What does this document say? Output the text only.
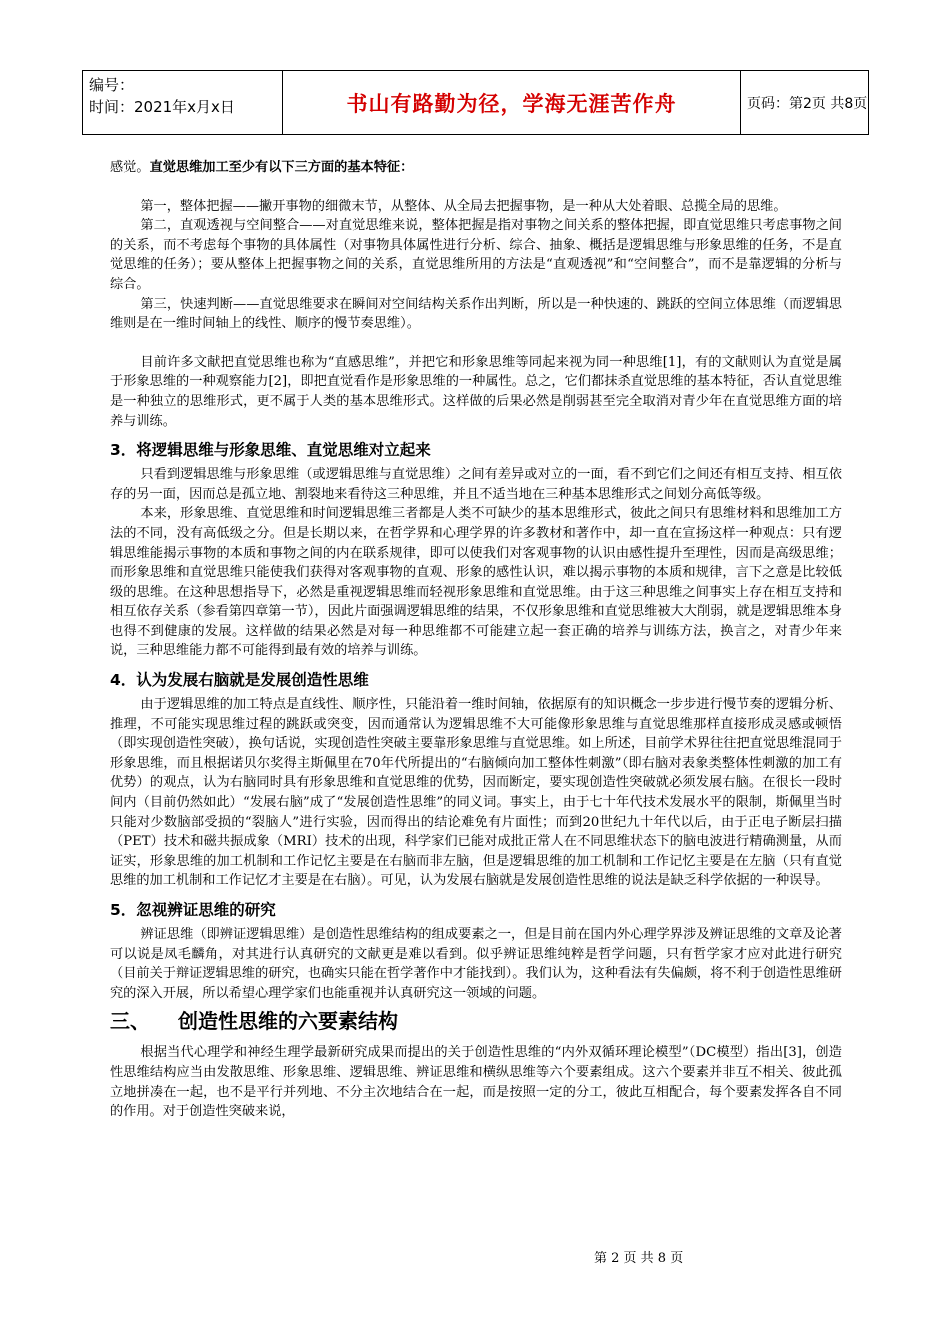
编号：
时间：2021年x月x日	书山有路勤为径，学海无涯苦作舟	页码：第2页 共8页

感觉。直觉思维加工至少有以下三方面的基本特征：

第一，整体把握——撇开事物的细微末节，从整体、从全局去把握事物，是一种从大处着眼、总揽全局的思维。

第二，直观透视与空间整合——对直觉思维来说，整体把握是指对事物之间关系的整体把握，即直觉思维只考虑事物之间的关系，而不考虑每个事物的具体属性（对事物具体属性进行分析、综合、抽象、概括是逻辑思维与形象思维的任务，不是直觉思维的任务）；要从整体上把握事物之间的关系，直觉思维所用的方法是“直观透视”和“空间整合”，而不是靠逻辑的分析与综合。

第三，快速判断——直觉思维要求在瞬间对空间结构关系作出判断，所以是一种快速的、跳跃的空间立体思维（而逻辑思维则是在一维时间轴上的线性、顺序的慢节奏思维）。

目前许多文献把直觉思维也称为“直感思维”，并把它和形象思维等同起来视为同一种思维[1]，有的文献则认为直觉是属于形象思维的一种观察能力[2]，即把直觉看作是形象思维的一种属性。总之，它们都抹杀直觉思维的基本特征，否认直觉思维是一种独立的思维形式，更不属于人类的基本思维形式。这样做的后果必然是削弱甚至完全取消对青少年在直觉思维方面的培养与训练。

3．将逻辑思维与形象思维、直觉思维对立起来

只看到逻辑思维与形象思维（或逻辑思维与直觉思维）之间有差异或对立的一面，看不到它们之间还有相互支持、相互依存的另一面，因而总是孤立地、割裂地来看待这三种思维，并且不适当地在三种基本思维形式之间划分高低等级。

本来，形象思维、直觉思维和时间逻辑思维三者都是人类不可缺少的基本思维形式，彼此之间只有思维材料和思维加工方法的不同，没有高低级之分。但是长期以来，在哲学界和心理学界的许多教材和著作中，却一直在宣扬这样一种观点：只有逻辑思维能揭示事物的本质和事物之间的内在联系规律，即可以使我们对客观事物的认识由感性提升至理性，因而是高级思维；而形象思维和直觉思维只能使我们获得对客观事物的直观、形象的感性认识，难以揭示事物的本质和规律，言下之意是比较低级的思维。在这种思想指导下，必然是重视逻辑思维而轻视形象思维和直觉思维。由于这三种思维之间事实上存在相互支持和相互依存关系（参看第四章第一节），因此片面强调逻辑思维的结果，不仅形象思维和直觉思维被大大削弱，就是逻辑思维本身也得不到健康的发展。这样做的结果必然是对每一种思维都不可能建立起一套正确的培养与训练方法，换言之，对青少年来说，三种思维能力都不可能得到最有效的培养与训练。

4．认为发展右脑就是发展创造性思维

由于逻辑思维的加工特点是直线性、顺序性，只能沿着一维时间轴，依据原有的知识概念一步步进行慢节奏的逻辑分析、推理，不可能实现思维过程的跳跃或突变，因而通常认为逻辑思维不大可能像形象思维与直觉思维那样直接形成灵感或顿悟（即实现创造性突破），换句话说，实现创造性突破主要靠形象思维与直觉思维。如上所述，目前学术界往往把直觉思维混同于形象思维，而且根据诺贝尔奖得主斯佩里在70年代所提出的“右脑倾向加工整体性刺激”（即右脑对表象类整体性刺激的加工有优势）的观点，认为右脑同时具有形象思维和直觉思维的优势，因而断定，要实现创造性突破就必须发展右脑。在很长一段时间内（目前仍然如此）“发展右脑”成了“发展创造性思维”的同义词。事实上，由于七十年代技术发展水平的限制，斯佩里当时只能对少数脑部受损的“裂脑人”进行实验，因而得出的结论难免有片面性；而到20世纪九十年代以后，由于正电子断层扫描（PET）技术和磁共振成象（MRI）技术的出现，科学家们已能对成批正常人在不同思维状态下的脑电波进行精确测量，从而证实，形象思维的加工机制和工作记忆主要是在右脑而非左脑，但是逻辑思维的加工机制和工作记忆主要是在左脑（只有直觉思维的加工机制和工作记忆才主要是在右脑）。可见，认为发展右脑就是发展创造性思维的说法是缺乏科学依据的一种误导。

5．忽视辨证思维的研究

辨证思维（即辨证逻辑思维）是创造性思维结构的组成要素之一，但是目前在国内外心理学界涉及辨证思维的文章及论著可以说是凤毛麟角，对其进行认真研究的文献更是难以看到。似乎辨证思维纯粹是哲学问题，只有哲学家才应对此进行研究（目前关于辩证逻辑思维的研究，也确实只能在哲学著作中才能找到）。我们认为，这种看法有失偏颇，将不利于创造性思维研究的深入开展，所以希望心理学家们也能重视并认真研究这一领域的问题。

三、 创造性思维的六要素结构

根据当代心理学和神经生理学最新研究成果而提出的关于创造性思维的“内外双循环理论模型”（DC模型）指出[3]，创造性思维结构应当由发散思维、形象思维、逻辑思维、辨证思维和横纵思维等六个要素组成。这六个要素并非互不相关、彼此孤立地拼凑在一起，也不是平行并列地、不分主次地结合在一起，而是按照一定的分工，彼此互相配合，每个要素发挥各自不同的作用。对于创造性突破来说，

第 2 页 共 8 页
